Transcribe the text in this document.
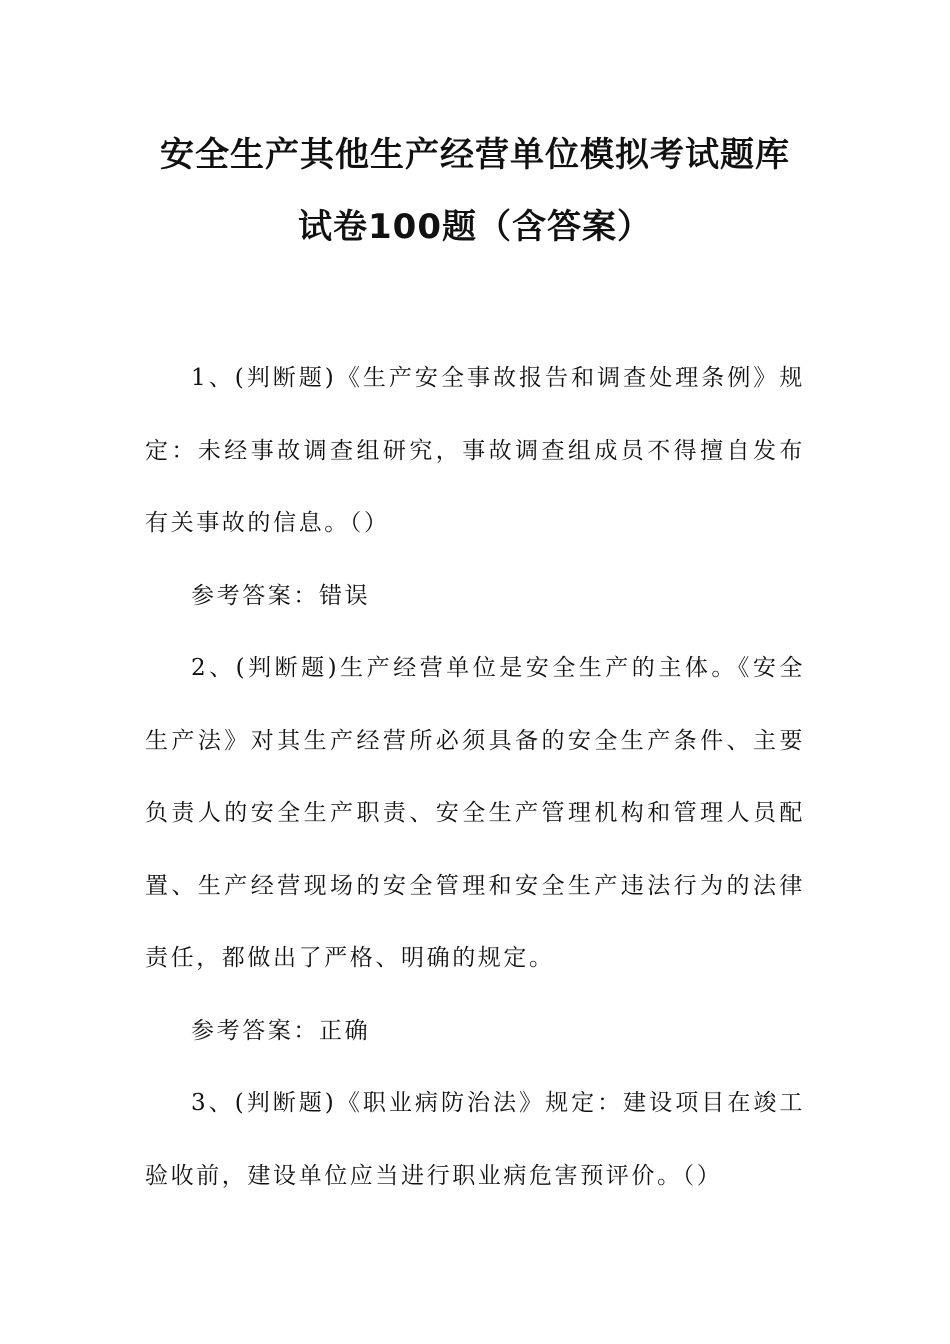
安全生产其他生产经营单位模拟考试题库
试卷100题（含答案）

1、(判断题)《生产安全事故报告和调查处理条例》规定：未经事故调查组研究，事故调查组成员不得擅自发布有关事故的信息。（）

参考答案：错误

2、(判断题)生产经营单位是安全生产的主体。《安全生产法》对其生产经营所必须具备的安全生产条件、主要负责人的安全生产职责、安全生产管理机构和管理人员配置、生产经营现场的安全管理和安全生产违法行为的法律责任，都做出了严格、明确的规定。

参考答案：正确

3、(判断题)《职业病防治法》规定：建设项目在竣工验收前，建设单位应当进行职业病危害预评价。（）
